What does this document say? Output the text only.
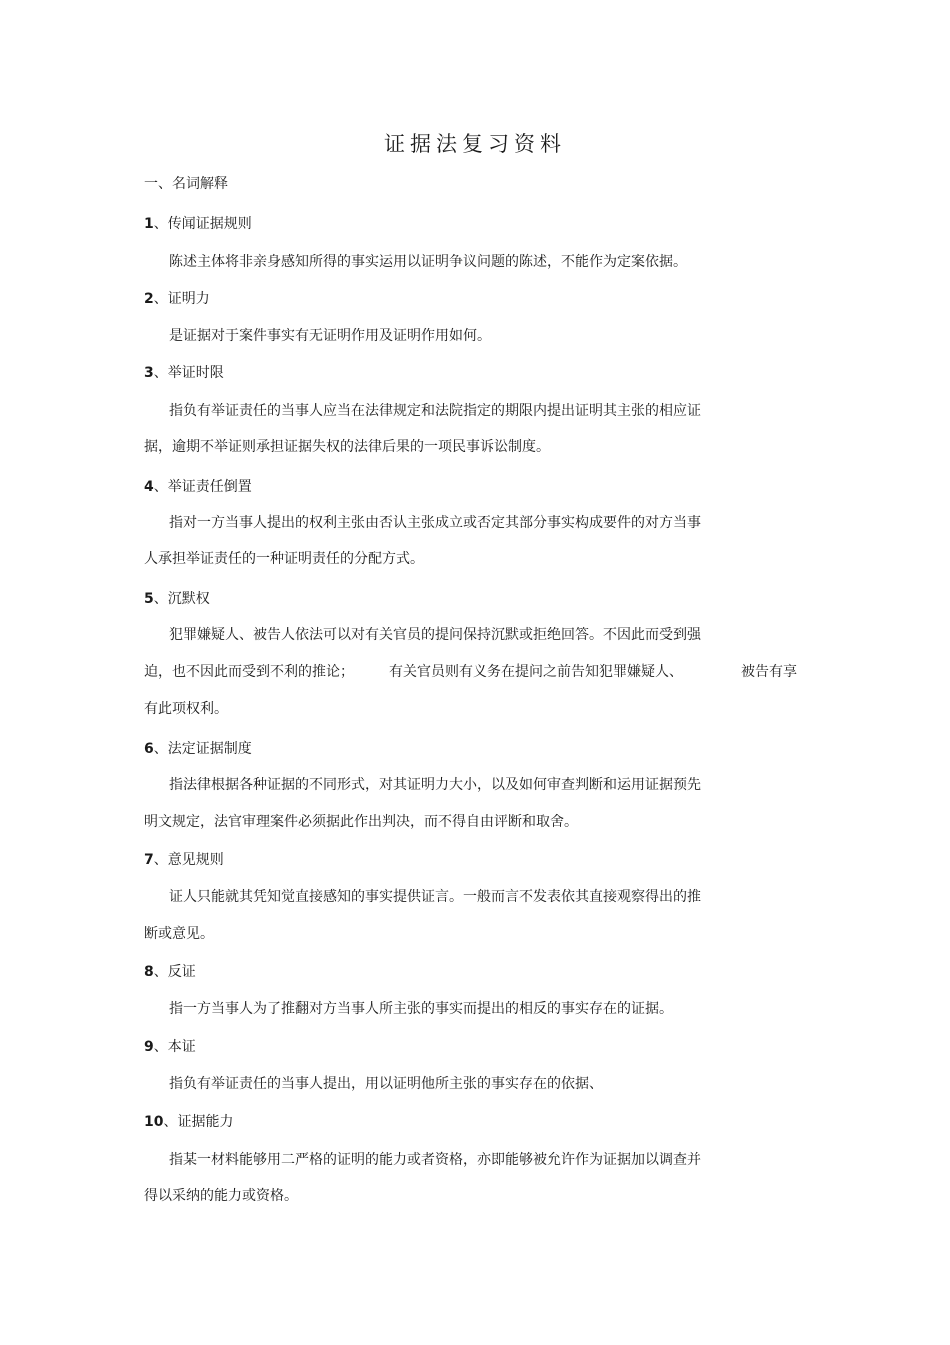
证据法复习资料

一、名词解释

1、传闻证据规则

陈述主体将非亲身感知所得的事实运用以证明争议问题的陈述，不能作为定案依据。

2、证明力

是证据对于案件事实有无证明作用及证明作用如何。

3、举证时限

指负有举证责任的当事人应当在法律规定和法院指定的期限内提出证明其主张的相应证

据，逾期不举证则承担证据失权的法律后果的一项民事诉讼制度。

4、举证责任倒置

指对一方当事人提出的权利主张由否认主张成立或否定其部分事实构成要件的对方当事

人承担举证责任的一种证明责任的分配方式。

5、沉默权

犯罪嫌疑人、被告人依法可以对有关官员的提问保持沉默或拒绝回答。不因此而受到强

迫，也不因此而受到不利的推论；	有关官员则有义务在提问之前告知犯罪嫌疑人、	被告有享

有此项权利。

6、法定证据制度

指法律根据各种证据的不同形式，对其证明力大小，以及如何审查判断和运用证据预先

明文规定，法官审理案件必须据此作出判决，而不得自由评断和取舍。

7、意见规则

证人只能就其凭知觉直接感知的事实提供证言。一般而言不发表依其直接观察得出的推

断或意见。

8、反证

指一方当事人为了推翻对方当事人所主张的事实而提出的相反的事实存在的证据。

9、本证

指负有举证责任的当事人提出，用以证明他所主张的事实存在的依据、

10、证据能力

指某一材料能够用二严格的证明的能力或者资格，亦即能够被允许作为证据加以调查并

得以采纳的能力或资格。
